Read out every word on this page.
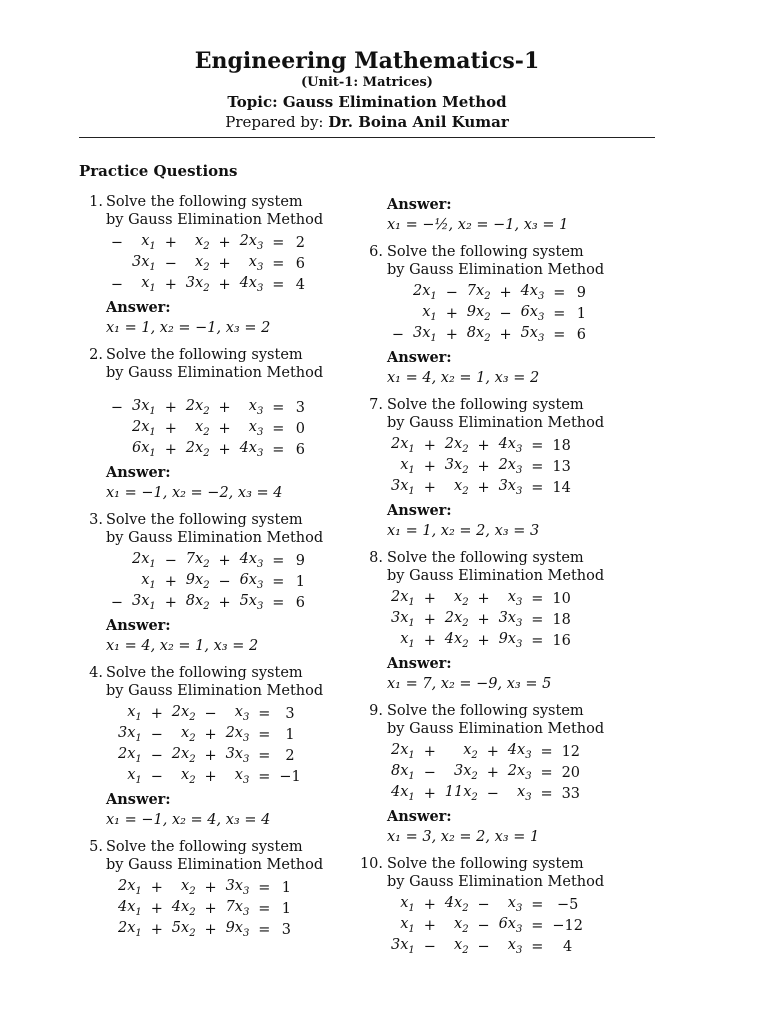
Engineering Mathematics-1
(Unit-1: Matrices)
Topic: Gauss Elimination Method
Prepared by: Dr. Boina Anil Kumar
Practice Questions
1. Solve the following system
by Gauss Elimination Method
−	$x_1$	+	$x_2$	+	$2x_3$	=	2
	$3x_1$	−	$x_2$	+	$x_3$	=	6
−	$x_1$	+	$3x_2$	+	$4x_3$	=	4
Answer:
x₁ = 1, x₂ = −1, x₃ = 2
2. Solve the following system
by Gauss Elimination Method
−	$3x_1$	+	$2x_2$	+	$x_3$	=	3
	$2x_1$	+	$x_2$	+	$x_3$	=	0
	$6x_1$	+	$2x_2$	+	$4x_3$	=	6
Answer:
x₁ = −1, x₂ = −2, x₃ = 4
3. Solve the following system
by Gauss Elimination Method
	$2x_1$	−	$7x_2$	+	$4x_3$	=	9
	$x_1$	+	$9x_2$	−	$6x_3$	=	1
−	$3x_1$	+	$8x_2$	+	$5x_3$	=	6
Answer:
x₁ = 4, x₂ = 1, x₃ = 2
4. Solve the following system
by Gauss Elimination Method
	$x_1$	+	$2x_2$	−	$x_3$	=	3
	$3x_1$	−	$x_2$	+	$2x_3$	=	1
	$2x_1$	−	$2x_2$	+	$3x_3$	=	2
	$x_1$	−	$x_2$	+	$x_3$	=	−1
Answer:
x₁ = −1, x₂ = 4, x₃ = 4
5. Solve the following system
by Gauss Elimination Method
	$2x_1$	+	$x_2$	+	$3x_3$	=	1
	$4x_1$	+	$4x_2$	+	$7x_3$	=	1
	$2x_1$	+	$5x_2$	+	$9x_3$	=	3
Answer:
x₁ = −½, x₂ = −1, x₃ = 1
6. Solve the following system
by Gauss Elimination Method
	$2x_1$	−	$7x_2$	+	$4x_3$	=	9
	$x_1$	+	$9x_2$	−	$6x_3$	=	1
−	$3x_1$	+	$8x_2$	+	$5x_3$	=	6
Answer:
x₁ = 4, x₂ = 1, x₃ = 2
7. Solve the following system
by Gauss Elimination Method
$2x_1$	+	$2x_2$	+	$4x_3$	=	18
$x_1$	+	$3x_2$	+	$2x_3$	=	13
$3x_1$	+	$x_2$	+	$3x_3$	=	14
Answer:
x₁ = 1, x₂ = 2, x₃ = 3
8. Solve the following system
by Gauss Elimination Method
$2x_1$	+	$x_2$	+	$x_3$	=	10
$3x_1$	+	$2x_2$	+	$3x_3$	=	18
$x_1$	+	$4x_2$	+	$9x_3$	=	16
Answer:
x₁ = 7, x₂ = −9, x₃ = 5
9. Solve the following system
by Gauss Elimination Method
$2x_1$	+	$x_2$	+	$4x_3$	=	12
$8x_1$	−	$3x_2$	+	$2x_3$	=	20
$4x_1$	+	$11x_2$	−	$x_3$	=	33
Answer:
x₁ = 3, x₂ = 2, x₃ = 1
10. Solve the following system
by Gauss Elimination Method
$x_1$	+	$4x_2$	−	$x_3$	=	−5
$x_1$	+	$x_2$	−	$6x_3$	=	−12
$3x_1$	−	$x_2$	−	$x_3$	=	4
